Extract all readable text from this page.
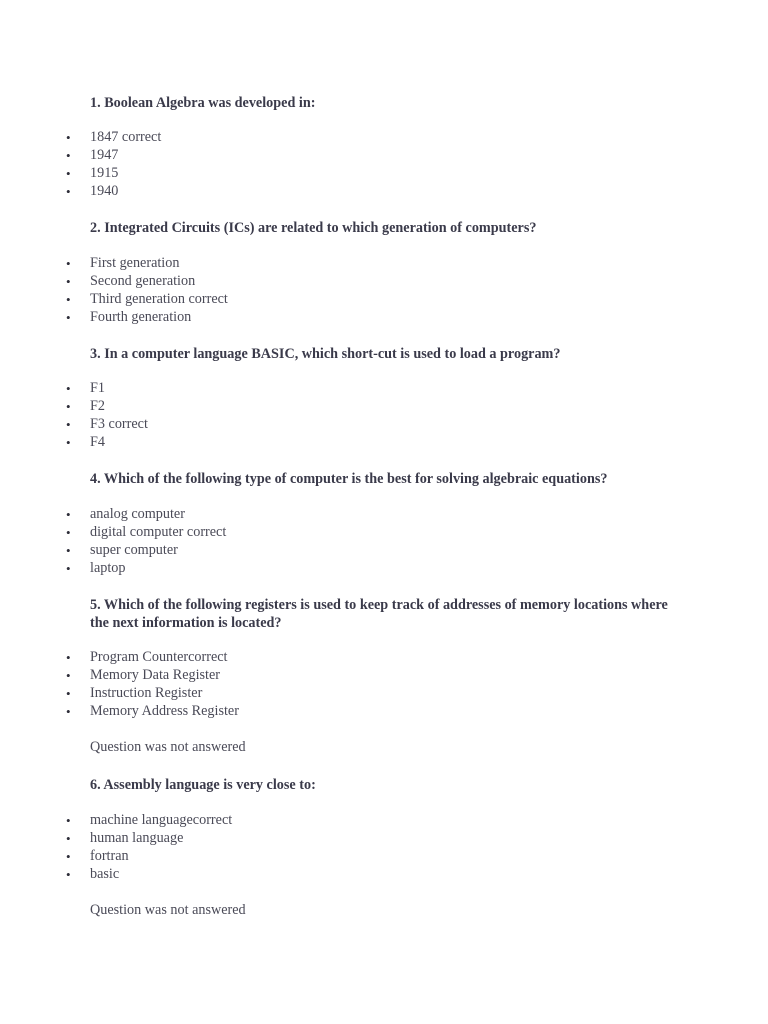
1. Boolean Algebra was developed in:

• 1847 correct
• 1947
• 1915
• 1940

2. Integrated Circuits (ICs) are related to which generation of computers?

• First generation
• Second generation
• Third generation correct
• Fourth generation

3. In a computer language BASIC, which short-cut is used to load a program?

• F1
• F2
• F3 correct
• F4

4. Which of the following type of computer is the best for solving algebraic equations?

• analog computer
• digital computer correct
• super computer
• laptop

5. Which of the following registers is used to keep track of addresses of memory locations where the next information is located?

• Program Countercorrect
• Memory Data Register
• Instruction Register
• Memory Address Register

Question was not answered

6. Assembly language is very close to:

• machine languagecorrect
• human language
• fortran
• basic

Question was not answered
